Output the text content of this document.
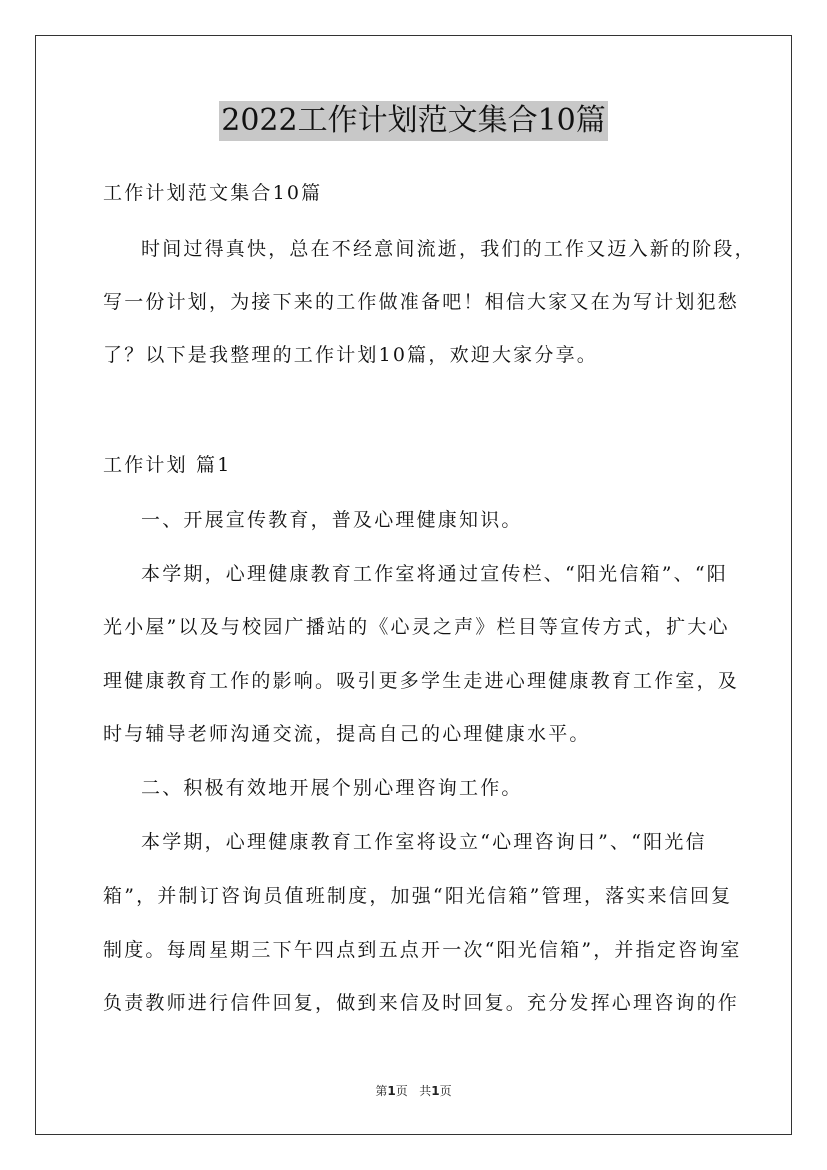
2022工作计划范文集合10篇
工作计划范文集合10篇
时间过得真快，总在不经意间流逝，我们的工作又迈入新的阶段，
写一份计划，为接下来的工作做准备吧！相信大家又在为写计划犯愁
了？以下是我整理的工作计划10篇，欢迎大家分享。
工作计划 篇1
一、开展宣传教育，普及心理健康知识。
本学期，心理健康教育工作室将通过宣传栏、“阳光信箱”、“阳
光小屋”以及与校园广播站的《心灵之声》栏目等宣传方式，扩大心
理健康教育工作的影响。吸引更多学生走进心理健康教育工作室，及
时与辅导老师沟通交流，提高自己的心理健康水平。
二、积极有效地开展个别心理咨询工作。
本学期，心理健康教育工作室将设立“心理咨询日”、“阳光信
箱”，并制订咨询员值班制度，加强“阳光信箱”管理，落实来信回复
制度。每周星期三下午四点到五点开一次“阳光信箱”，并指定咨询室
负责教师进行信件回复，做到来信及时回复。充分发挥心理咨询的作
第1页 共1页
